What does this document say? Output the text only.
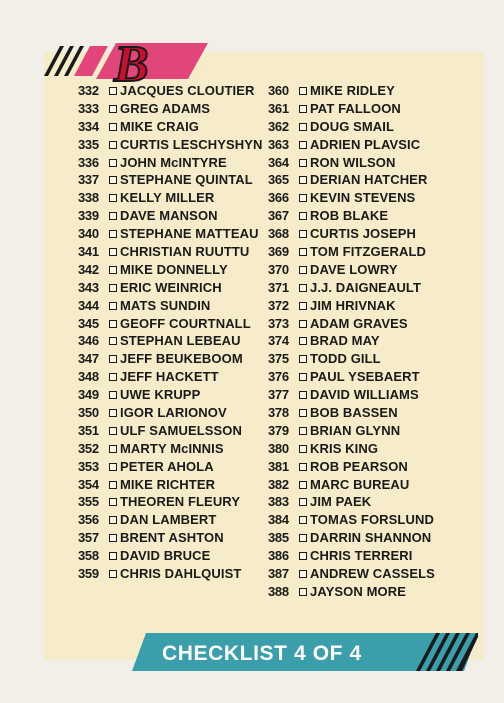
B
332	JACQUES CLOUTIER
333	GREG ADAMS
334	MIKE CRAIG
335	CURTIS LESCHYSHYN
336	JOHN McINTYRE
337	STEPHANE QUINTAL
338	KELLY MILLER
339	DAVE MANSON
340	STEPHANE MATTEAU
341	CHRISTIAN RUUTTU
342	MIKE DONNELLY
343	ERIC WEINRICH
344	MATS SUNDIN
345	GEOFF COURTNALL
346	STEPHAN LEBEAU
347	JEFF BEUKEBOOM
348	JEFF HACKETT
349	UWE KRUPP
350	IGOR LARIONOV
351	ULF SAMUELSSON
352	MARTY McINNIS
353	PETER AHOLA
354	MIKE RICHTER
355	THEOREN FLEURY
356	DAN LAMBERT
357	BRENT ASHTON
358	DAVID BRUCE
359	CHRIS DAHLQUIST
360	MIKE RIDLEY
361	PAT FALLOON
362	DOUG SMAIL
363	ADRIEN PLAVSIC
364	RON WILSON
365	DERIAN HATCHER
366	KEVIN STEVENS
367	ROB BLAKE
368	CURTIS JOSEPH
369	TOM FITZGERALD
370	DAVE LOWRY
371	J.J. DAIGNEAULT
372	JIM HRIVNAK
373	ADAM GRAVES
374	BRAD MAY
375	TODD GILL
376	PAUL YSEBAERT
377	DAVID WILLIAMS
378	BOB BASSEN
379	BRIAN GLYNN
380	KRIS KING
381	ROB PEARSON
382	MARC BUREAU
383	JIM PAEK
384	TOMAS FORSLUND
385	DARRIN SHANNON
386	CHRIS TERRERI
387	ANDREW CASSELS
388	JAYSON MORE
CHECKLIST 4 OF 4
